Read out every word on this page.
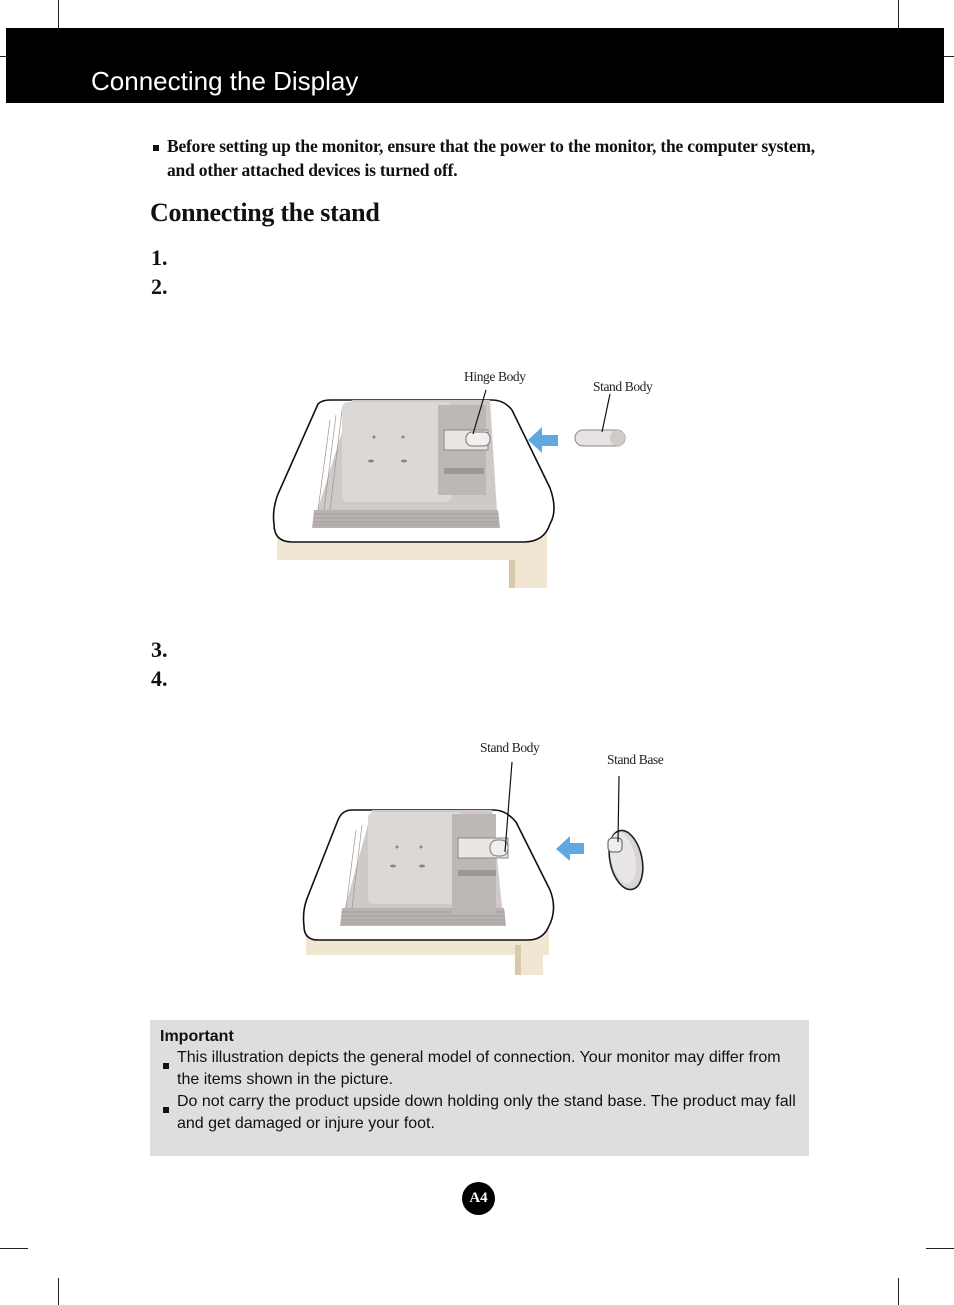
Connecting the Display
Before setting up the monitor, ensure that the power to the monitor, the computer system, and other attached devices is turned off.
Connecting the stand
1.
2.
3.
4.
Hinge Body
Stand Body
Stand Body
Stand Base
Important
This illustration depicts the general model of connection. Your monitor may differ from the items shown in the picture.
Do not carry the product upside down holding only the stand base. The product may fall and get damaged or injure your foot.
A4
